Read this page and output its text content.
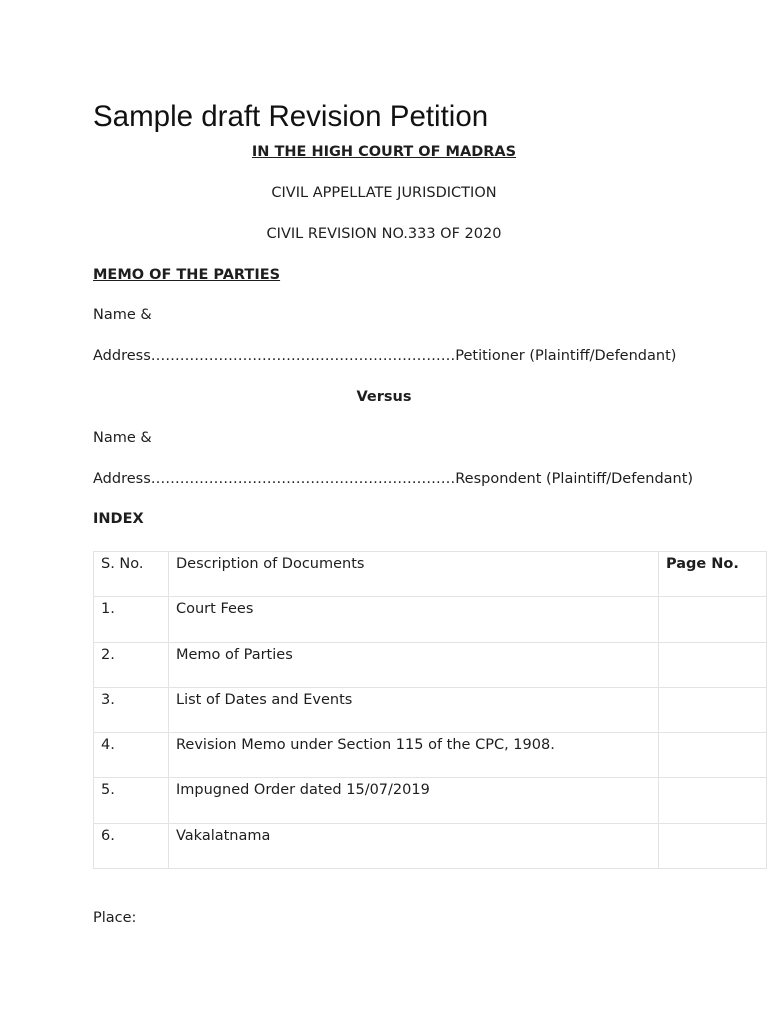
Sample draft Revision Petition
IN THE HIGH COURT OF MADRAS
CIVIL APPELLATE JURISDICTION
CIVIL REVISION NO.333 OF 2020
MEMO OF THE PARTIES
Name &
Address………………………………………………………Petitioner (Plaintiff/Defendant)
Versus
Name &
Address………………………………………………………Respondent (Plaintiff/Defendant)
INDEX
S. No.	Description of Documents	Page No.
1.	Court Fees	
2.	Memo of Parties	
3.	List of Dates and Events	
4.	Revision Memo under Section 115 of the CPC, 1908.	
5.	Impugned Order dated 15/07/2019	
6.	Vakalatnama	
Place:
